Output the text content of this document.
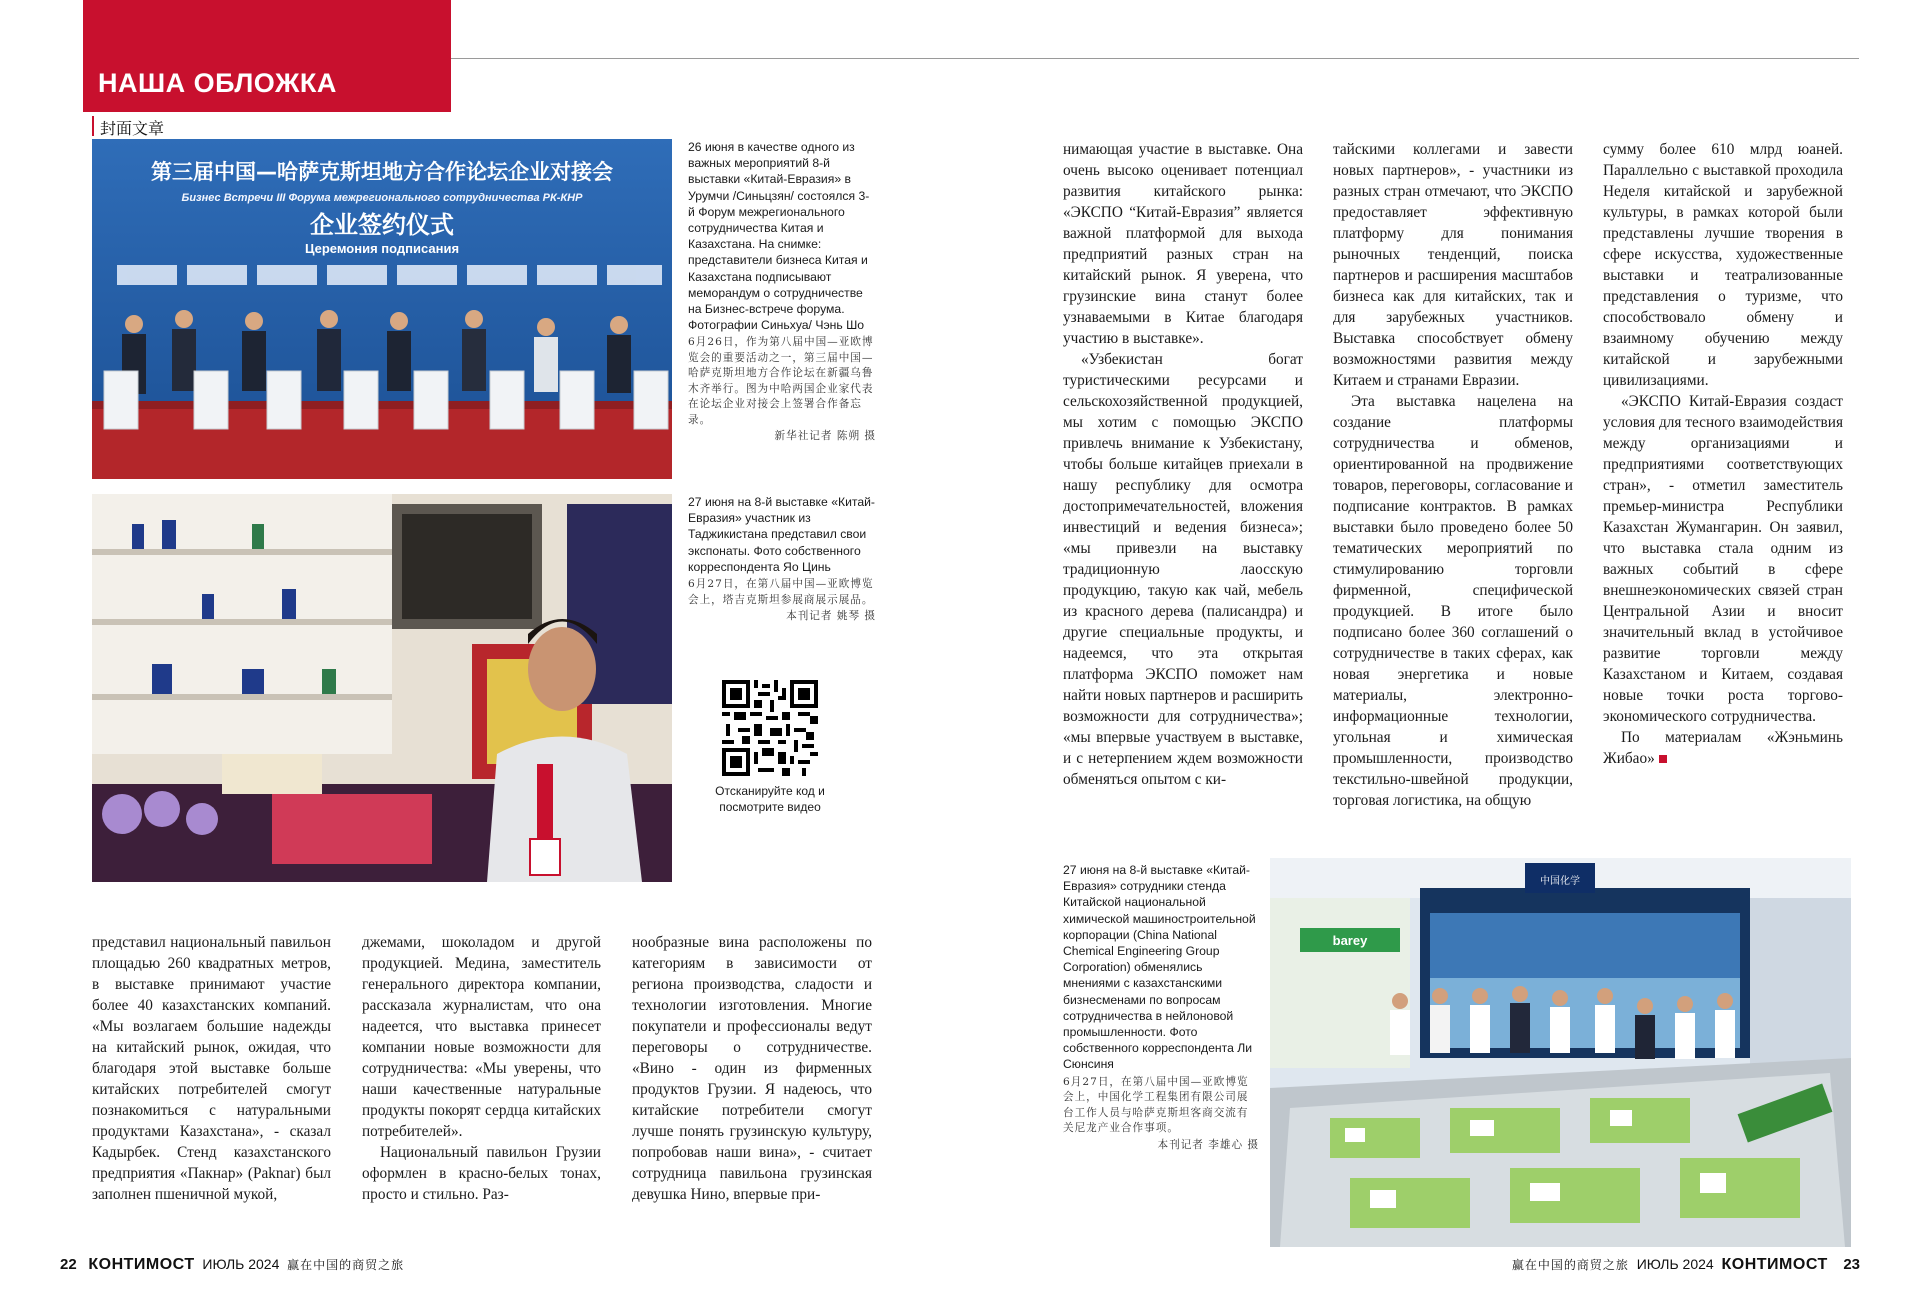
НАША ОБЛОЖКА
封面文章
第三届中国—哈萨克斯坦地方合作论坛企业对接会
Бизнес Встречи III Форума межрегионального сотрудничества РК-КНР
企业签约仪式
Церемония подписания
26 июня в качестве одного из важных мероприятий 8-й выставки «Китай-Евразия» в Урумчи /Синьцзян/ состоялся 3-й Форум межрегионального сотрудничества Китая и Казахстана. На снимке: представители бизнеса Китая и Казахстана подписывают меморандум о сотрудничестве на Бизнес-встрече форума. Фотографии Синьхуа/ Чэнь Шо
6月26日，作为第八届中国—亚欧博览会的重要活动之一，第三届中国—哈萨克斯坦地方合作论坛在新疆乌鲁木齐举行。图为中哈两国企业家代表在论坛企业对接会上签署合作备忘录。
新华社记者 陈朔 摄
27 июня на 8-й выставке «Китай-Евразия» участник из Таджикистана представил свои экспонаты. Фото собственного корреспондента Яо Цинь
6月27日，在第八届中国—亚欧博览会上，塔吉克斯坦参展商展示展品。
本刊记者 姚琴 摄
Отсканируйте код и посмотрите видео

представил национальный павильон площадью 260 квадратных метров, в выставке принимают участие более 40 казахстанских компаний. «Мы возлагаем большие надежды на китайский рынок, ожидая, что благодаря этой выставке больше китайских потребителей смогут познакомиться с натуральными продуктами Казахстана», - сказал Кадырбек. Стенд казахстанского предприятия «Пакнар» (Paknar) был заполнен пшеничной мукой,

джемами, шоколадом и другой продукцией. Медина, заместитель генерального директора компании, рассказала журналистам, что она надеется, что выставка принесет компании новые возможности для сотрудничества: «Мы уверены, что наши качественные натуральные продукты покорят сердца китайских потребителей».

Национальный павильон Грузии оформлен в красно-белых тонах, просто и стильно. Раз-

нообразные вина расположены по категориям в зависимости от региона производства, сладости и технологии изготовления. Многие покупатели и профессионалы ведут переговоры о сотрудничестве. «Вино - один из фирменных продуктов Грузии. Я надеюсь, что китайские потребители смогут лучше понять грузинскую культуру, попробовав наши вина», - считает сотрудница павильона грузинская девушка Нино, впервые при-

нимающая участие в выставке. Она очень высоко оценивает потенциал развития китайского рынка: «ЭКСПО “Китай-Евразия” является важной платформой для выхода предприятий разных стран на китайский рынок. Я уверена, что грузинские вина станут более узнаваемыми в Китае благодаря участию в выставке».

«Узбекистан богат туристическими ресурсами и сельскохозяйственной продукцией, мы хотим с помощью ЭКСПО привлечь внимание к Узбекистану, чтобы больше китайцев приехали в нашу республику для осмотра достопримечательностей, вложения инвестиций и ведения бизнеса»; «мы привезли на выставку традиционную лаосскую продукцию, такую как чай, мебель из красного дерева (палисандра) и другие специальные продукты, и надеемся, что эта открытая платформа ЭКСПО поможет нам найти новых партнеров и расширить возможности для сотрудничества»; «мы впервые участвуем в выставке, и с нетерпением ждем возможности обменяться опытом с ки-

тайскими коллегами и завести новых партнеров», - участники из разных стран отмечают, что ЭКСПО предоставляет эффективную платформу для понимания рыночных тенденций, поиска партнеров и расширения масштабов бизнеса как для китайских, так и для зарубежных участников. Выставка способствует обмену возможностями развития между Китаем и странами Евразии.

Эта выставка нацелена на создание платформы сотрудничества и обменов, ориентированной на продвижение товаров, переговоры, согласование и подписание контрактов. В рамках выставки было проведено более 50 тематических мероприятий по стимулированию торговли фирменной, специфической продукцией. В итоге было подписано более 360 соглашений о сотрудничестве в таких сферах, как новая энергетика и новые материалы, электронно-информационные технологии, угольная и химическая промышленности, производство текстильно-швейной продукции, торговая логистика, на общую

сумму более 610 млрд юаней. Параллельно с выставкой проходила Неделя китайской и зарубежной культуры, в рамках которой были представлены лучшие творения в сфере искусства, художественные выставки и театрализованные представления о туризме, что способствовало обмену и взаимному обучению между китайской и зарубежными цивилизациями.

«ЭКСПО Китай-Евразия создаст условия для тесного взаимодействия между организациями и предприятиями соответствующих стран», - отметил заместитель премьер-министра Республики Казахстан Жумангарин. Он заявил, что выставка стала одним из важных событий в сфере внешнеэкономических связей стран Центральной Азии и вносит значительный вклад в устойчивое развитие торговли между Казахстаном и Китаем, создавая новые точки роста торгово-экономического сотрудничества.

По материалам «Жэньминь Жибао»

27 июня на 8-й выставке «Китай-Евразия» сотрудники стенда Китайской национальной химической машиностроительной корпорации (China National Chemical Engineering Group Corporation) обменялись мнениями с казахстанскими бизнесменами по вопросам сотрудничества в нейлоновой промышленности. Фото собственного корреспондента Ли Сюнсиня
6月27日，在第八届中国—亚欧博览会上，中国化学工程集团有限公司展台工作人员与哈萨克斯坦客商交流有关尼龙产业合作事项。
本刊记者 李雄心 摄
barey
中国化学
22 КОНТИМОСТ ИЮЛЬ 2024 赢在中国的商贸之旅	赢在中国的商贸之旅 ИЮЛЬ 2024 КОНТИМОСТ 23
